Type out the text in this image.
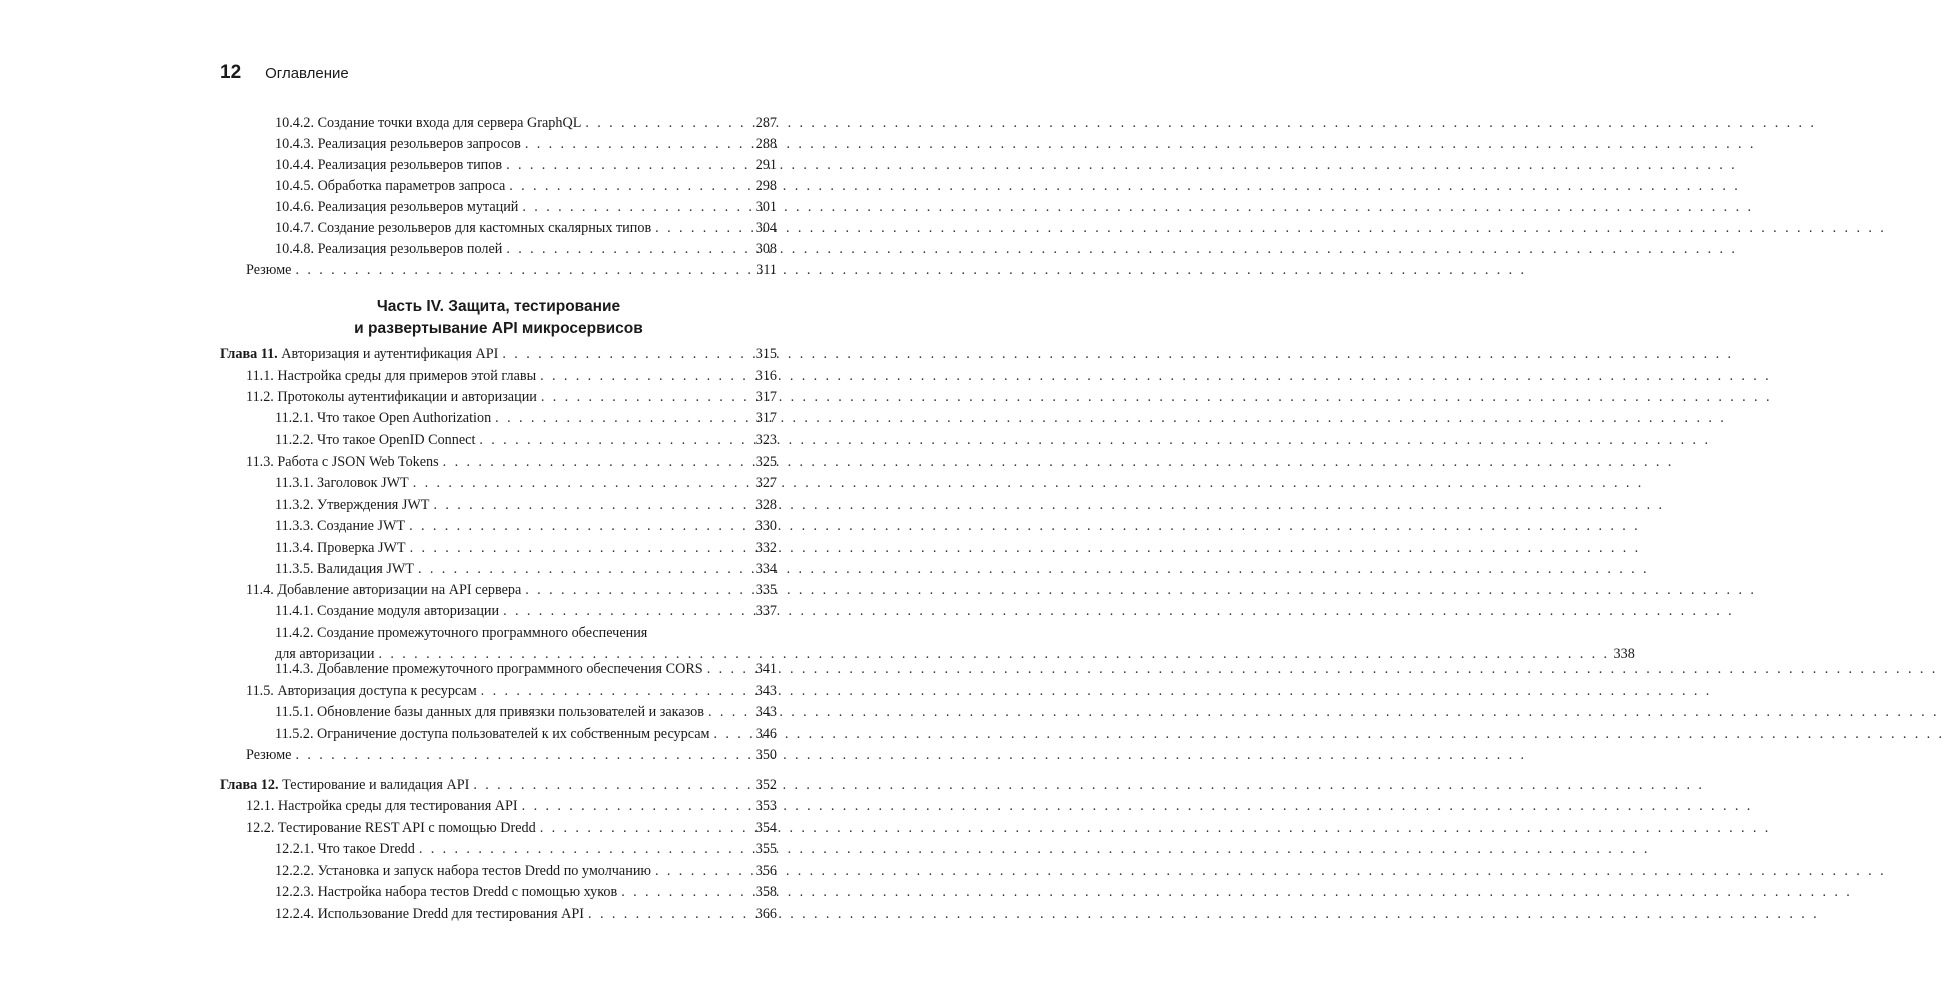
12 Оглавление
10.4.2. Создание точки входа для сервера GraphQL . . .	287
10.4.3. Реализация резольверов запросов . . .	288
10.4.4. Реализация резольверов типов . . .	291
10.4.5. Обработка параметров запроса . . .	298
10.4.6. Реализация резольверов мутаций . . .	301
10.4.7. Создание резольверов для кастомных скалярных типов . . .	304
10.4.8. Реализация резольверов полей . . .	308
Резюме . . .	311
Часть IV. Защита, тестирование
и развертывание API микросервисов
Глава 11. Авторизация и аутентификация API . . .	315
11.1. Настройка среды для примеров этой главы . . .	316
11.2. Протоколы аутентификации и авторизации . . .	317
11.2.1. Что такое Open Authorization . . .	317
11.2.2. Что такое OpenID Connect . . .	323
11.3. Работа с JSON Web Tokens . . .	325
11.3.1. Заголовок JWT . . .	327
11.3.2. Утверждения JWT . . .	328
11.3.3. Создание JWT . . .	330
11.3.4. Проверка JWT . . .	332
11.3.5. Валидация JWT . . .	334
11.4. Добавление авторизации на API сервера . . .	335
11.4.1. Создание модуля авторизации . . .	337
11.4.2. Создание промежуточного программного обеспечения
для авторизации . . .	338
11.4.3. Добавление промежуточного программного обеспечения CORS . . .	341
11.5. Авторизация доступа к ресурсам . . .	343
11.5.1. Обновление базы данных для привязки пользователей и заказов . . .	343
11.5.2. Ограничение доступа пользователей к их собственным ресурсам . . .	346
Резюме . . .	350
Глава 12. Тестирование и валидация API . . .	352
12.1. Настройка среды для тестирования API . . .	353
12.2. Тестирование REST API с помощью Dredd . . .	354
12.2.1. Что такое Dredd . . .	355
12.2.2. Установка и запуск набора тестов Dredd по умолчанию . . .	356
12.2.3. Настройка набора тестов Dredd с помощью хуков . . .	358
12.2.4. Использование Dredd для тестирования API . . .	366
